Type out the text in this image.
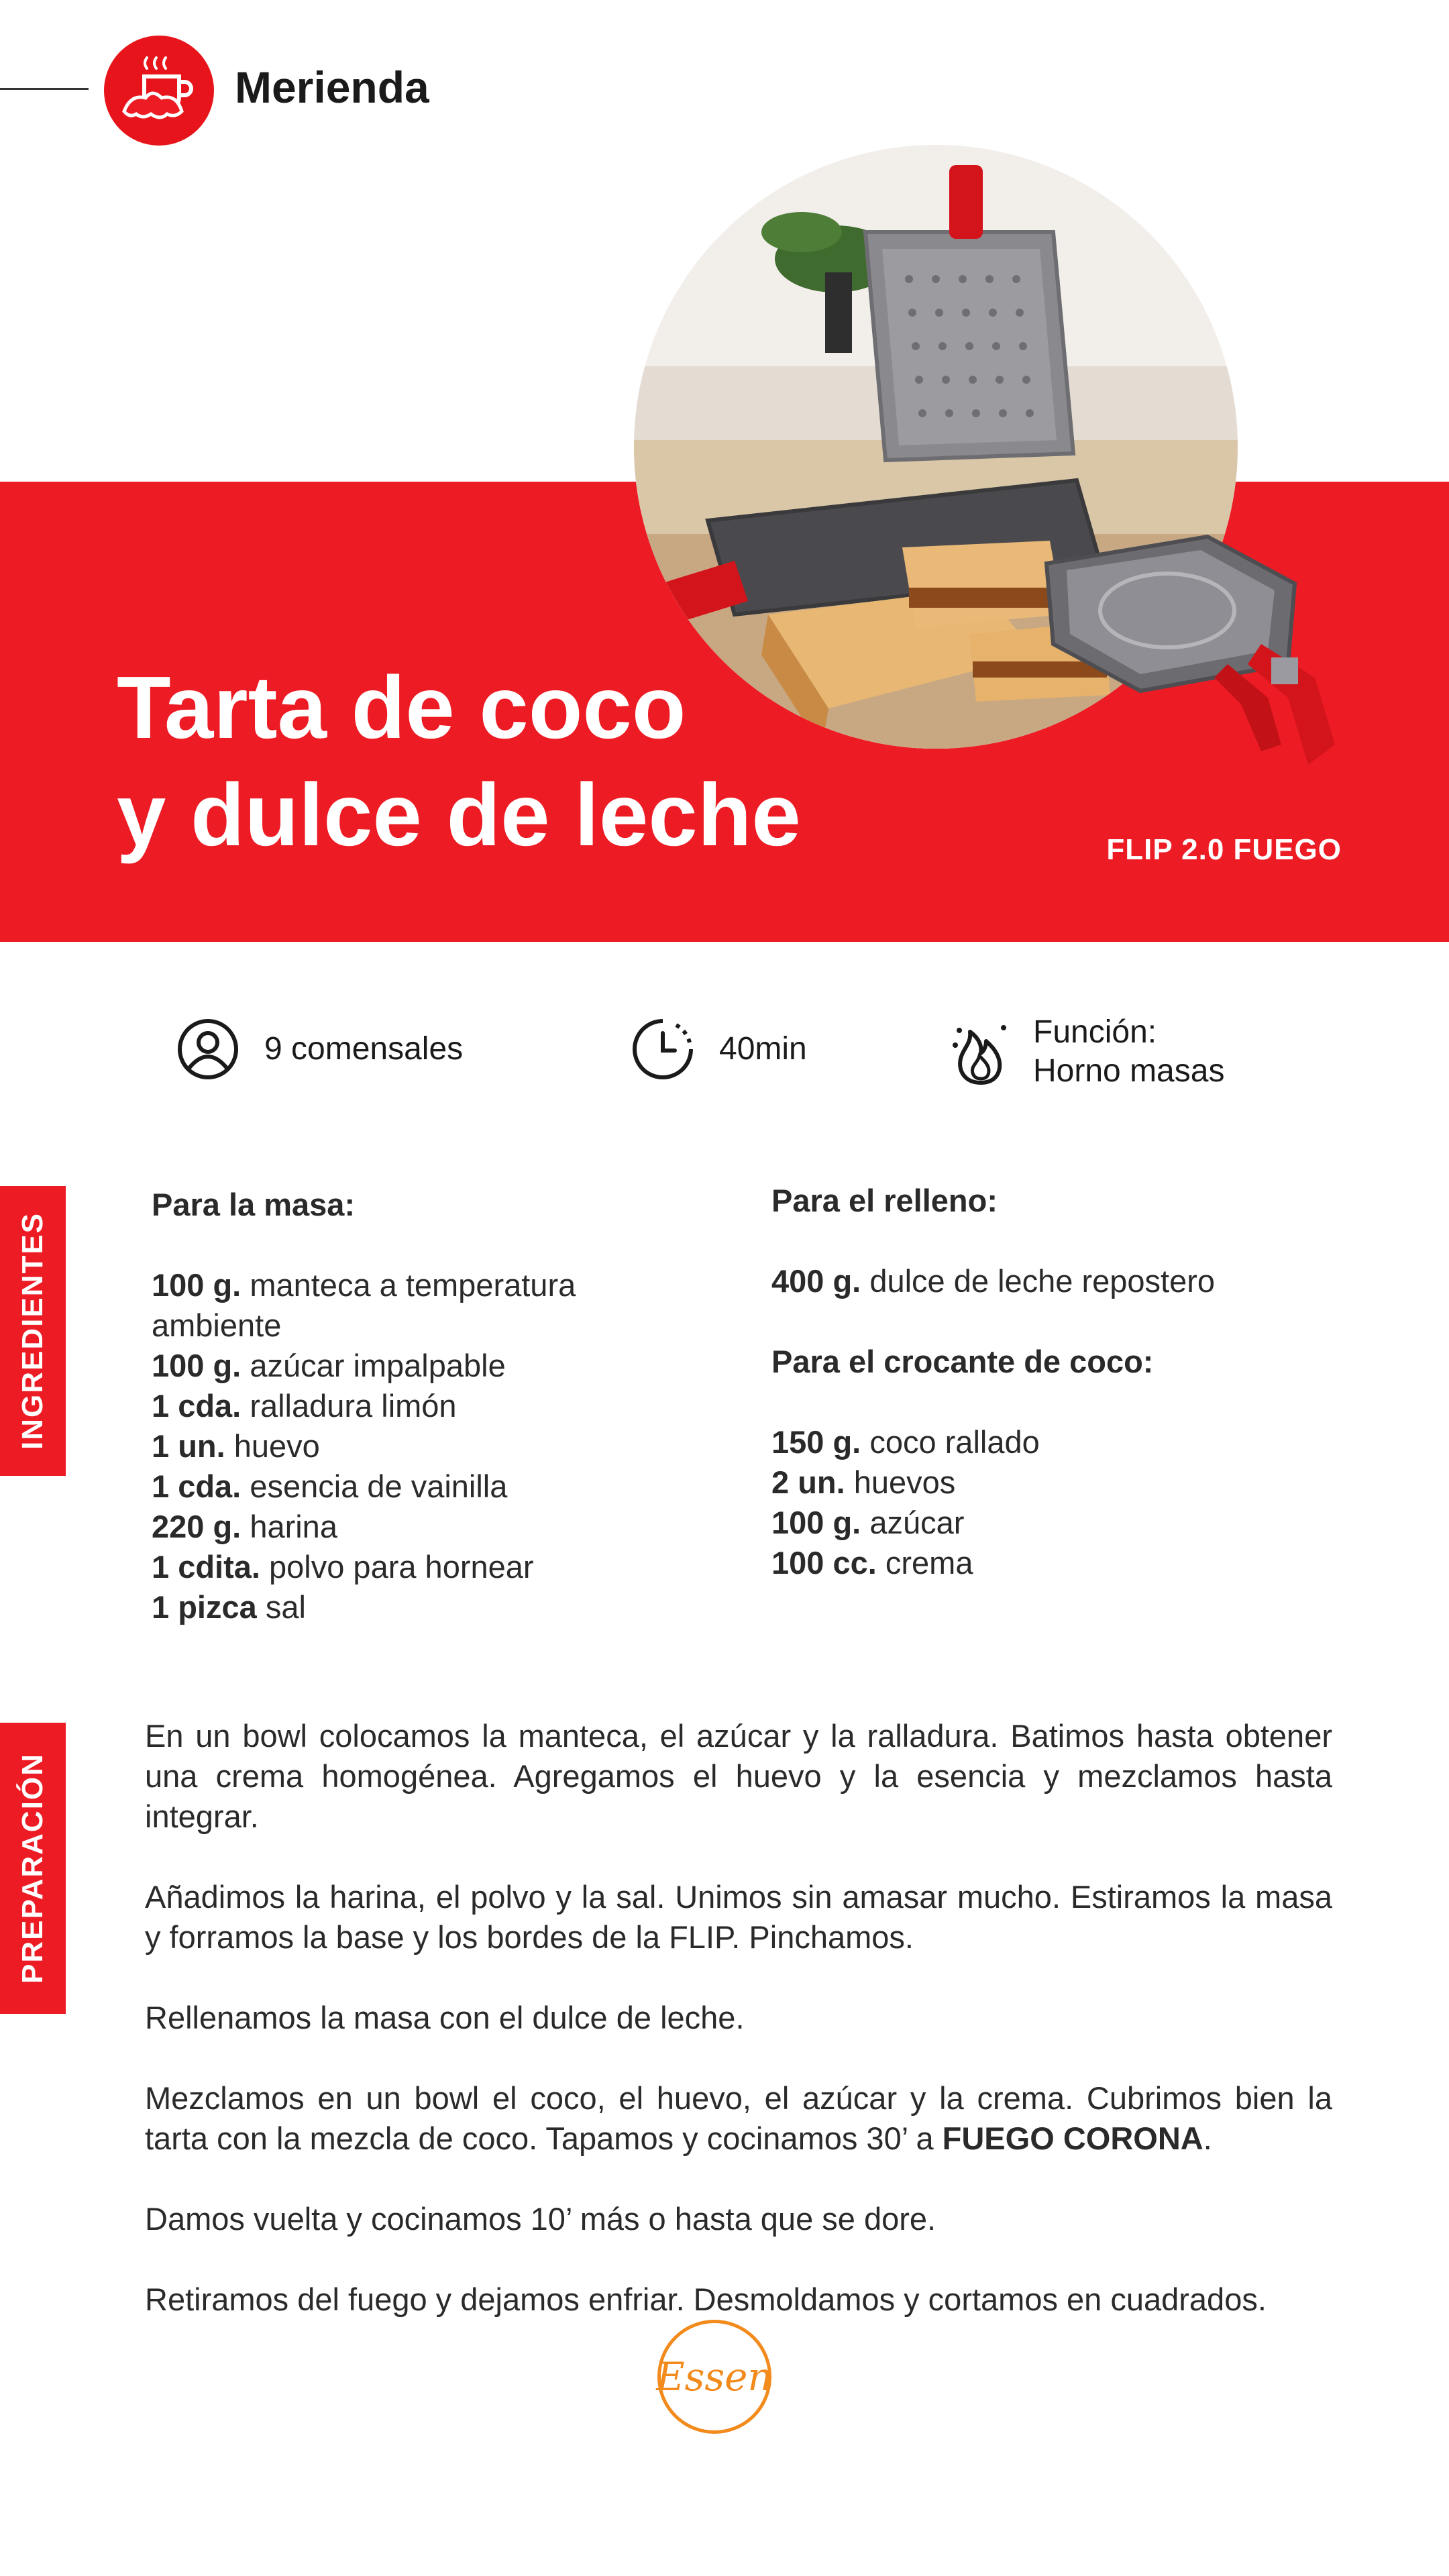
Merienda
Tarta de coco
y dulce de leche	FLIP 2.0 FUEGO
9 comensales	40min	Función:
Horno masas
INGREDIENTES
PREPARACIÓN
Para la masa:
100 g. manteca a temperatura
ambiente
100 g. azúcar impalpable
1 cda. ralladura limón
1 un. huevo
1 cda. esencia de vainilla
220 g. harina
1 cdita. polvo para hornear
1 pizca sal
Para el relleno:
400 g. dulce de leche repostero
Para el crocante de coco:
150 g. coco rallado
2 un. huevos
100 g. azúcar
100 cc. crema

En un bowl colocamos la manteca, el azúcar y la ralladura. Batimos hasta obtener una crema homogénea. Agregamos el huevo y la esencia y mezclamos hasta integrar.

Añadimos la harina, el polvo y la sal. Unimos sin amasar mucho. Estiramos la masa y forramos la base y los bordes de la FLIP. Pinchamos.

Rellenamos la masa con el dulce de leche.

Mezclamos en un bowl el coco, el huevo, el azúcar y la crema. Cubrimos bien la tarta con la mezcla de coco. Tapamos y cocinamos 30’ a FUEGO CORONA.

Damos vuelta y cocinamos 10’ más o hasta que se dore.

Retiramos del fuego y dejamos enfriar. Desmoldamos y cortamos en cuadrados.

Essen
